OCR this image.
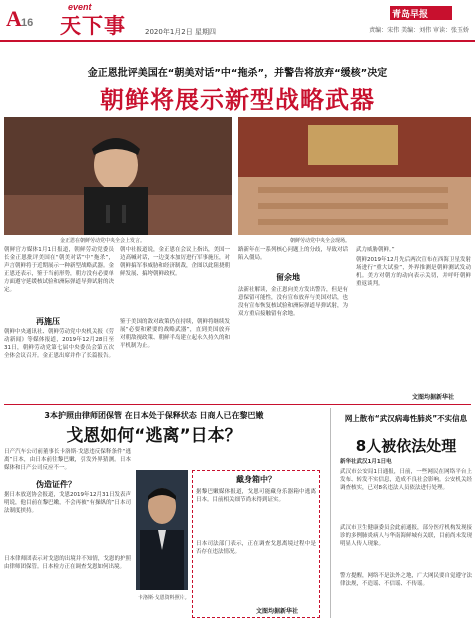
A 16
event
天下事	2020年1月2日 星期四
青岛早报
责编：宋伟 美编：刘伟 审读：张玉娇
金正恩批评美国在“朝美对话”中“拖杀”，并警告将放弃“缓核”决定
朝鲜将展示新型战略武器
金正恩在朝鲜劳动党中央全会上发言。	朝鲜劳动党中央全会现场。
朝鲜官方媒体1月1日报道，朝鲜劳动党委员长金正恩批评美国在“朝美对话”中“拖杀”，声言朝鲜将于近期展示一种新型战略武器。金正恩还表示，鉴于当前形势，朝方没有必要单方面遵守延缓核试验和洲际弹道导弹试射的决定。
再施压
朝鲜中央通讯社、朝鲜劳动党中央机关报《劳动新闻》等媒体报道，2019年12月28日至31日，朝鲜劳动党第七届中央委员会第五次全体会议召开。金正恩出席并作了长篇报告。
朝中社报道说，金正恩在会议上指出，美国一边高喊对话，一边变本加厉进行军事施压，对朝鲜搞军事威胁和经济制裁，企图以此阻挠朝鲜发展、搞垮朝鲜政权。
鉴于美国的敌对政策仍在持续，朝鲜将继续发展“必要和紧要的战略武器”，直到美国放弃对朝敌视政策、朝鲜半岛建立起永久持久的和平机制为止。
路新年在一系列核心问题上的分歧，导致对话陷入僵局。
留余地
法新社解读，金正恩向美方发出警告，但是有意保留可能性，没有宣布放弃与美国对话，也没有宣布恢复核试验和洲际弹道导弹试射，为双方重启接触留有余地。
武力威胁朝鲜。”
朝鲜2019年12月先后两次宣布在西海卫星发射场进行“重大试验”，外界推测是朝鲜测试发动机。美方对朝方的动向表示关切，并呼吁朝鲜重返谈判。
文图均据新华社
3本护照由律师团保管 在日本处于保释状态 日商人已在黎巴嫩
戈恩如何“逃离”日本？
日产汽车公司前董事长卡洛斯·戈恩违反保释条件“逃离”日本，由日本前往黎巴嫩，引发外界猜测。日本媒体和日产公司反应不一。
伪造证件？
据日本放送协会报道，戈恩2019年12月31日发表声明说，他目前在黎巴嫩，不会再被“有操纵的”日本司法制度挟持。
日本律师团表示对戈恩的出境并不知情，戈恩的护照由律师团保管。日本检方正在调查戈恩如何出境。
卡洛斯·戈恩资料照片。
戴身箱中？
据黎巴嫩媒体报道，戈恩可能藏身乐器箱中逃离日本。目前相关细节尚未得到证实。
日本司法部门表示，正在调查戈恩离境过程中是否存在违法情况。
文图均据新华社
网上散布“武汉病毒性肺炎”不实信息
8人被依法处理
新华社武汉1月1日电
武汉市公安局1日通报，日前，一些网民在网络平台上发布、转发不实信息，造成不良社会影响。公安机关经调查核实，已对8名违法人员依法进行处理。
武汉市卫生健康委员会此前通报，部分医疗机构发现接诊的多例肺炎病人与华南海鲜城有关联，目前尚未发现明显人传人现象。
警方提醒，网络不是法外之地，广大网民要自觉遵守法律法规，不造谣、不信谣、不传谣。
